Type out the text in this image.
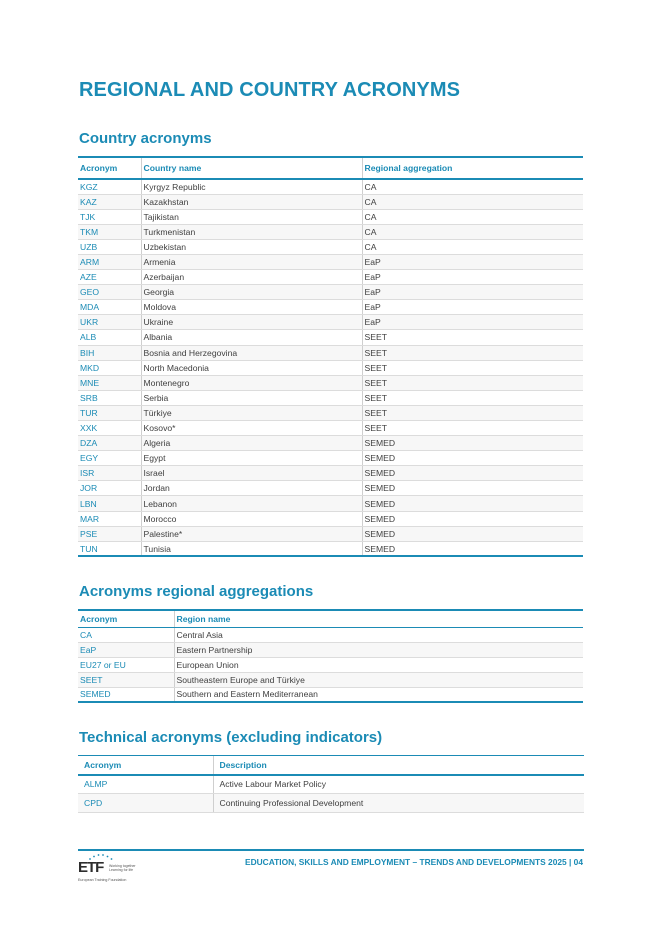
REGIONAL AND COUNTRY ACRONYMS
Country acronyms
Acronym	Country name	Regional aggregation
KGZ	Kyrgyz Republic	CA
KAZ	Kazakhstan	CA
TJK	Tajikistan	CA
TKM	Turkmenistan	CA
UZB	Uzbekistan	CA
ARM	Armenia	EaP
AZE	Azerbaijan	EaP
GEO	Georgia	EaP
MDA	Moldova	EaP
UKR	Ukraine	EaP
ALB	Albania	SEET
BIH	Bosnia and Herzegovina	SEET
MKD	North Macedonia	SEET
MNE	Montenegro	SEET
SRB	Serbia	SEET
TUR	Türkiye	SEET
XXK	Kosovo*	SEET
DZA	Algeria	SEMED
EGY	Egypt	SEMED
ISR	Israel	SEMED
JOR	Jordan	SEMED
LBN	Lebanon	SEMED
MAR	Morocco	SEMED
PSE	Palestine*	SEMED
TUN	Tunisia	SEMED
Acronyms regional aggregations
Acronym	Region name
CA	Central Asia
EaP	Eastern Partnership
EU27 or EU	European Union
SEET	Southeastern Europe and Türkiye
SEMED	Southern and Eastern Mediterranean
Technical acronyms (excluding indicators)
Acronym	Description
ALMP	Active Labour Market Policy
CPD	Continuing Professional Development
ETF Working together Learning for life
European Training Foundation
EDUCATION, SKILLS AND EMPLOYMENT – TRENDS AND DEVELOPMENTS 2025 | 04
